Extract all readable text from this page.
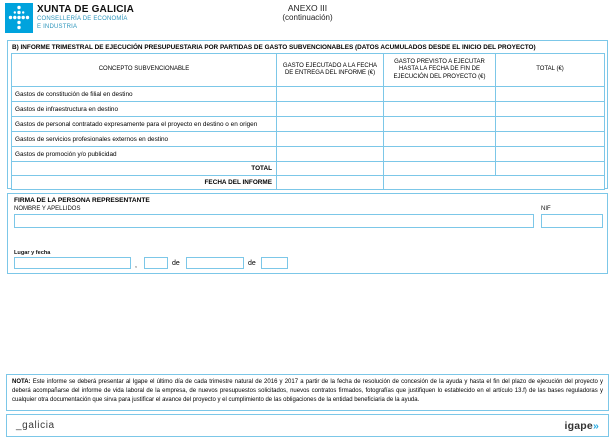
XUNTA DE GALICIA
CONSELLERÍA DE ECONOMÍA
E INDUSTRIA
ANEXO III
(continuación)
B) INFORME TRIMESTRAL DE EJECUCIÓN PRESUPUESTARIA POR PARTIDAS DE GASTO SUBVENCIONABLES (DATOS ACUMULADOS DESDE EL INICIO DEL PROYECTO)
CONCEPTO SUBVENCIONABLE	GASTO EJECUTADO A LA FECHA DE ENTREGA DEL INFORME (€)	GASTO PREVISTO A EJECUTAR HASTA LA FECHA DE FIN DE EJECUCIÓN DEL PROYECTO (€)	TOTAL (€)
Gastos de constitución de filial en destino			
Gastos de infraestructura en destino			
Gastos de personal contratado expresamente para el proyecto en destino o en origen			
Gastos de servicios profesionales externos en destino			
Gastos de promoción y/o publicidad			
TOTAL			
FECHA DEL INFORME			
FIRMA DE LA PERSONA REPRESENTANTE
NOMBRE Y APELLIDOS	NIF
Lugar y fecha
,	de	de
NOTA: Este informe se deberá presentar al Igape el último día de cada trimestre natural de 2016 y 2017 a partir de la fecha de resolución de concesión de la ayuda y hasta el fin del plazo de ejecución del proyecto y deberá acompañarse del informe de vida laboral de la empresa, de nuevos presupuestos solicitados, nuevos contratos firmados, fotografías que justifiquen lo establecido en el artículo 13.f) de las bases reguladoras y cualquier otra documentación que sirva para justificar el avance del proyecto y el cumplimiento de las obligaciones de la entidad beneficiaria de la ayuda.
_galicia	igape»
